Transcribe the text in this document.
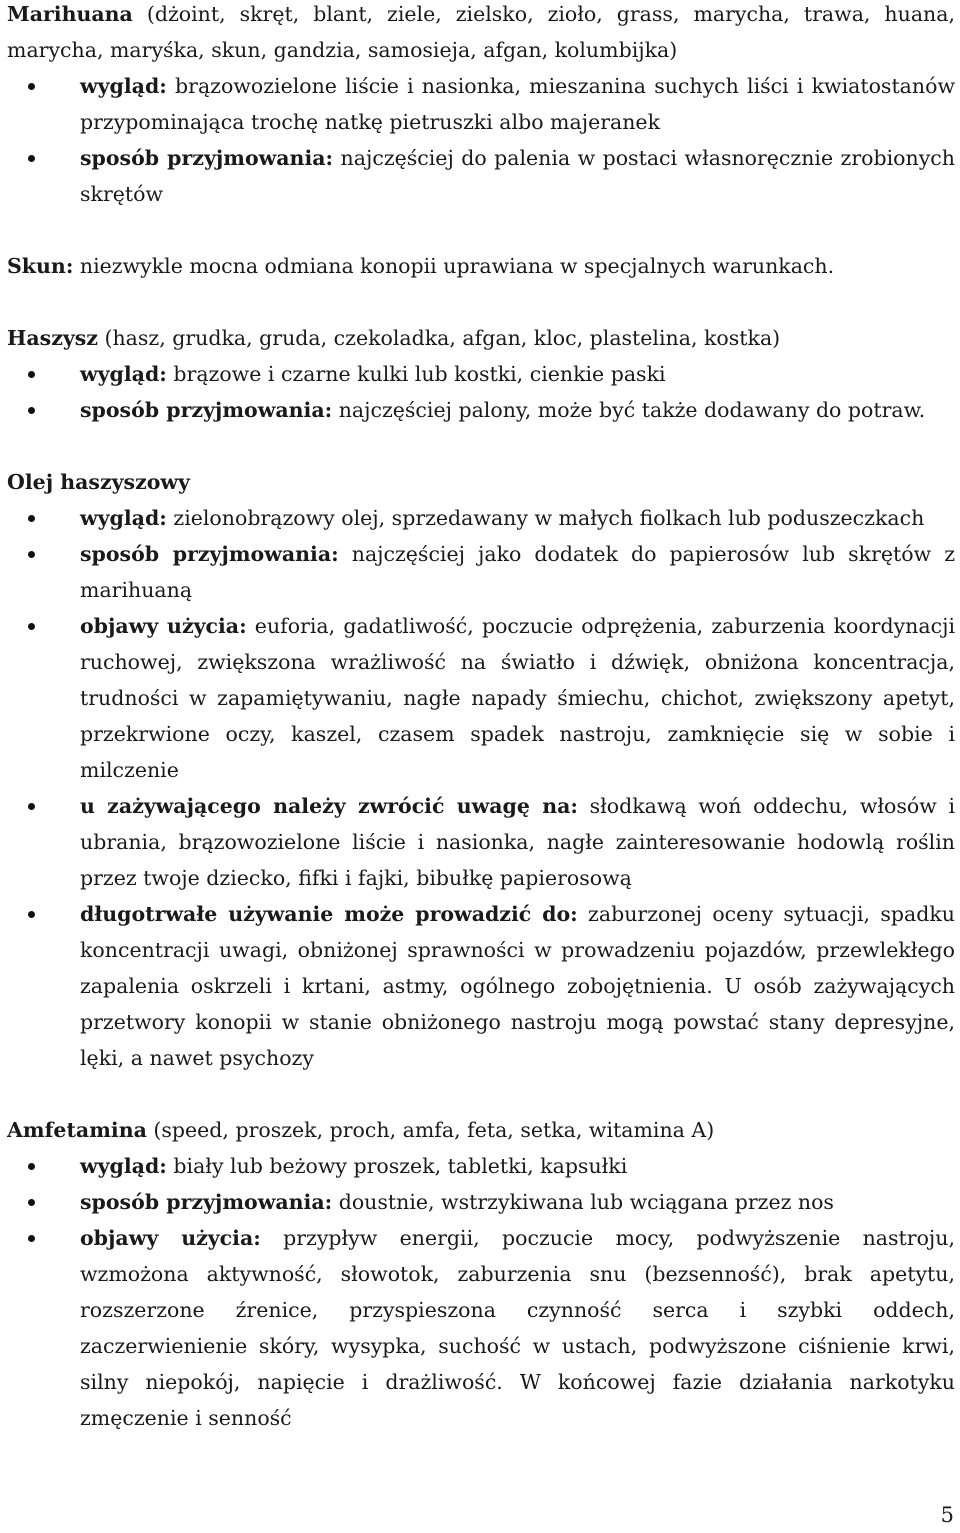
Marihuana (dżoint, skręt, blant, ziele, zielsko, zioło, grass, marycha, trawa, huana, marycha, maryśka, skun, gandzia, samosieja, afgan, kolumbijka)

wygląd: brązowozielone liście i nasionka, mieszanina suchych liści i kwiatostanów przypominająca trochę natkę pietruszki albo majeranek
sposób przyjmowania: najczęściej do palenia w postaci własnoręcznie zrobionych skrętów

Skun: niezwykle mocna odmiana konopii uprawiana w specjalnych warunkach.

Haszysz (hasz, grudka, gruda, czekoladka, afgan, kloc, plastelina, kostka)

wygląd: brązowe i czarne kulki lub kostki, cienkie paski
sposób przyjmowania: najczęściej palony, może być także dodawany do potraw.

Olej haszyszowy

wygląd: zielonobrązowy olej, sprzedawany w małych fiolkach lub poduszeczkach
sposób przyjmowania: najczęściej jako dodatek do papierosów lub skrętów z marihuaną
objawy użycia: euforia, gadatliwość, poczucie odprężenia, zaburzenia koordynacji ruchowej, zwiększona wrażliwość na światło i dźwięk, obniżona koncentracja, trudności w zapamiętywaniu, nagłe napady śmiechu, chichot, zwiększony apetyt, przekrwione oczy, kaszel, czasem spadek nastroju, zamknięcie się w sobie i milczenie
u zażywającego należy zwrócić uwagę na: słodkawą woń oddechu, włosów i ubrania, brązowozielone liście i nasionka, nagłe zainteresowanie hodowlą roślin przez twoje dziecko, fifki i fajki, bibułkę papierosową
długotrwałe używanie może prowadzić do: zaburzonej oceny sytuacji, spadku koncentracji uwagi, obniżonej sprawności w prowadzeniu pojazdów, przewlekłego zapalenia oskrzeli i krtani, astmy, ogólnego zobojętnienia. U osób zażywających przetwory konopii w stanie obniżonego nastroju mogą powstać stany depresyjne, lęki, a nawet psychozy

Amfetamina (speed, proszek, proch, amfa, feta, setka, witamina A)

wygląd: biały lub beżowy proszek, tabletki, kapsułki
sposób przyjmowania: doustnie, wstrzykiwana lub wciągana przez nos
objawy użycia: przypływ energii, poczucie mocy, podwyższenie nastroju, wzmożona aktywność, słowotok, zaburzenia snu (bezsenność), brak apetytu, rozszerzone źrenice, przyspieszona czynność serca i szybki oddech, zaczerwienienie skóry, wysypka, suchość w ustach, podwyższone ciśnienie krwi, silny niepokój, napięcie i drażliwość. W końcowej fazie działania narkotyku zmęczenie i senność
5
